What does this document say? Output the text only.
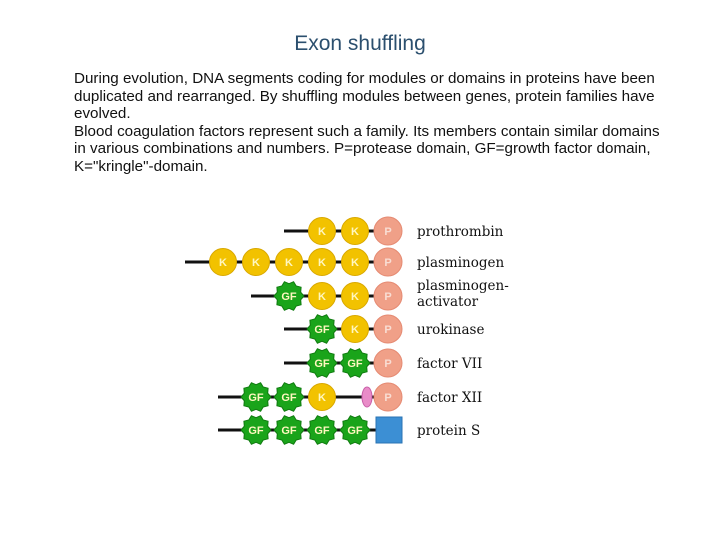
Exon shuffling

During evolution, DNA segments coding for modules or domains in proteins have been duplicated and rearranged. By shuffling modules between genes, protein families have evolved.

Blood coagulation factors represent such a family. Its members contain similar domains in various combinations and numbers. P=protease domain, GF=growth factor domain, K="kringle"-domain.

K K P prothrombin
K K K K K P plasminogen
GF K K P
plasminogen-
activator
GF K P urokinase
GF GF P factor VII
GF GF K	P factor XII
GF GF GF GF	protein S
